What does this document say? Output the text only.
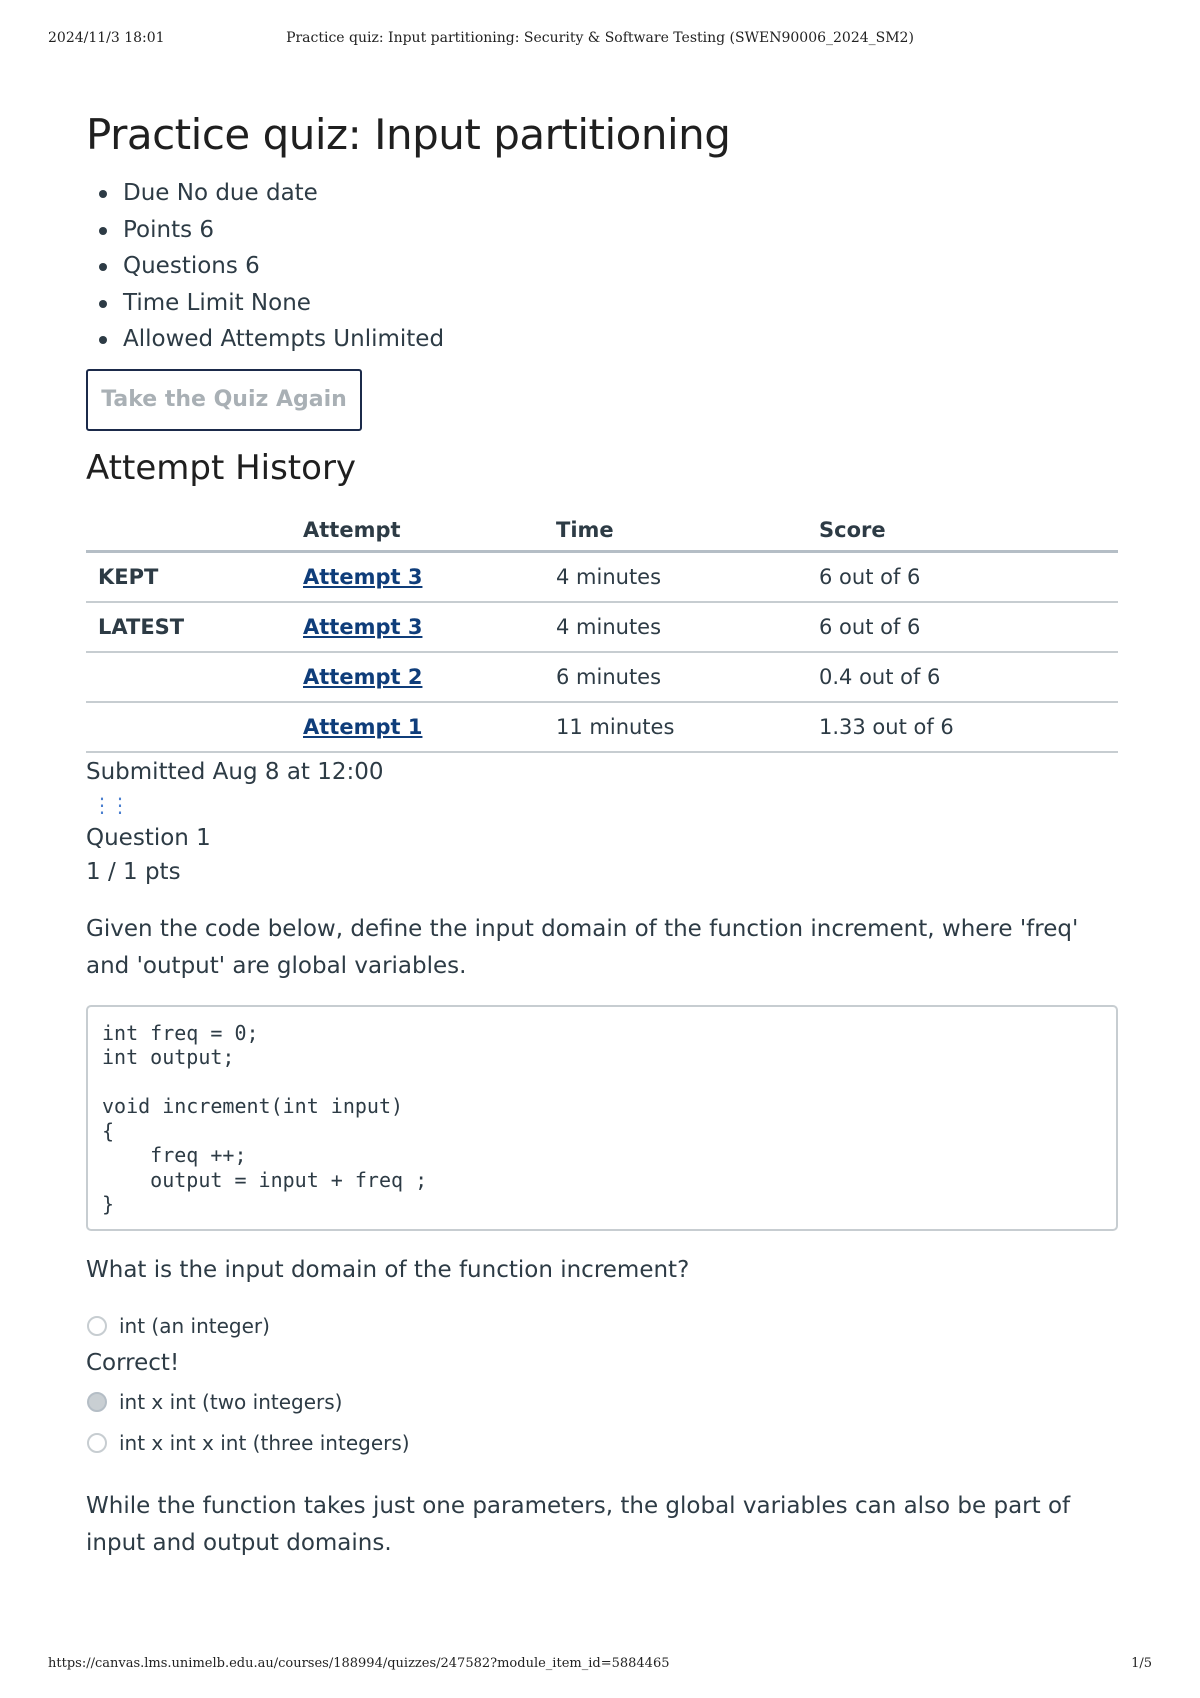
2024/11/3 18:01	Practice quiz: Input partitioning: Security & Software Testing (SWEN90006_2024_SM2)
Practice quiz: Input partitioning
Due No due date
Points 6
Questions 6
Time Limit None
Allowed Attempts Unlimited
Take the Quiz Again
Attempt History
	Attempt	Time	Score
KEPT	Attempt 3	4 minutes	6 out of 6
LATEST	Attempt 3	4 minutes	6 out of 6
	Attempt 2	6 minutes	0.4 out of 6
	Attempt 1	11 minutes	1.33 out of 6
Submitted Aug 8 at 12:00
⋮⋮
Question 1
1 / 1 pts
Given the code below, define the input domain of the function increment, where 'freq' and 'output' are global variables.
int freq = 0;
int output;

void increment(int input)
{
freq ++;
output = input + freq ;
}
What is the input domain of the function increment?
int (an integer)
Correct!
int x int (two integers)
int x int x int (three integers)
While the function takes just one parameters, the global variables can also be part of input and output domains.
https://canvas.lms.unimelb.edu.au/courses/188994/quizzes/247582?module_item_id=5884465	1/5
